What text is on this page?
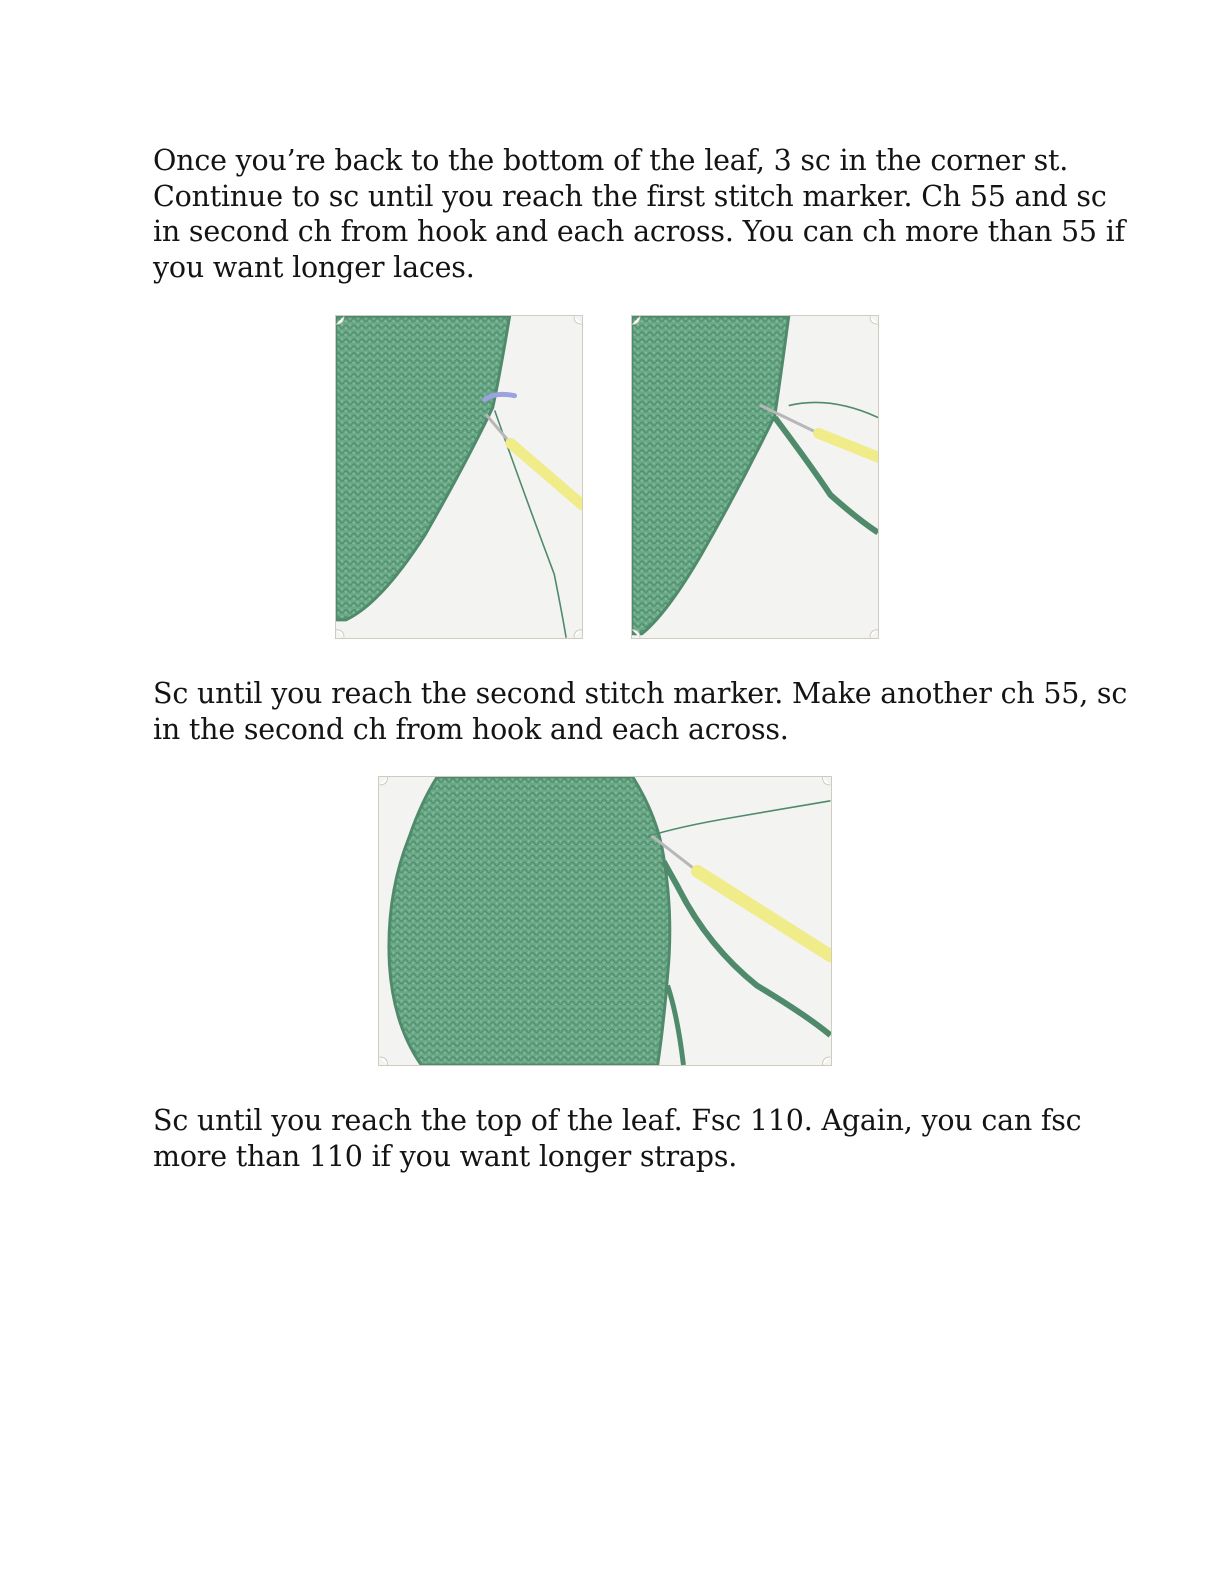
Once you’re back to the bottom of the leaf, 3 sc in the corner st.
Continue to sc until you reach the first stitch marker. Ch 55 and sc
in second ch from hook and each across. You can ch more than 55 if
you want longer laces.

Sc until you reach the second stitch marker. Make another ch 55, sc
in the second ch from hook and each across.

Sc until you reach the top of the leaf. Fsc 110. Again, you can fsc
more than 110 if you want longer straps.
